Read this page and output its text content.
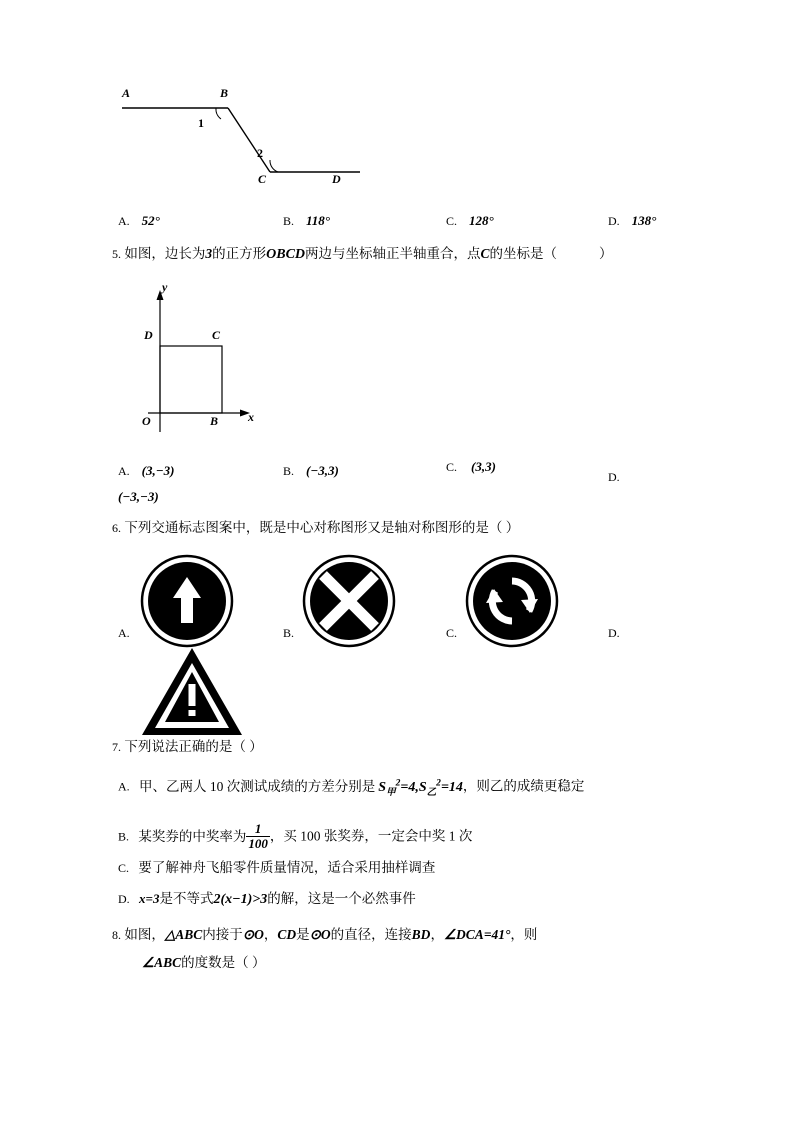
A	B
C	D
1
2
A. 52°	B. 118°	C. 128°	D. 138°
5. 如图，边长为3的正方形OBCD两边与坐标轴正半轴重合，点C的坐标是（	）
y
x
O	B
C
D
A. (3,−3)	B. (−3,3)	C. (3,3)
D.
(−3,−3)
6. 下列交通标志图案中，既是中心对称图形又是轴对称图形的是（ ）
A.	B.	C.	D.
7. 下列说法正确的是（ ）
A. 甲、乙两人 10 次测试成绩的方差分别是 $S_甲^2=4,S_乙^2=14$，则乙的成绩更稳定
B. 某奖券的中奖率为 $\frac{1}{100}$ ，买 100 张奖券，一定会中奖 1 次
C. 要了解神舟飞船零件质量情况，适合采用抽样调查
D. x=3是不等式2(x−1)>3的解，这是一个必然事件
8. 如图，△ABC内接于⊙O，CD是⊙O的直径，连接BD，∠DCA=41°，则
∠ABC的度数是（ ）
